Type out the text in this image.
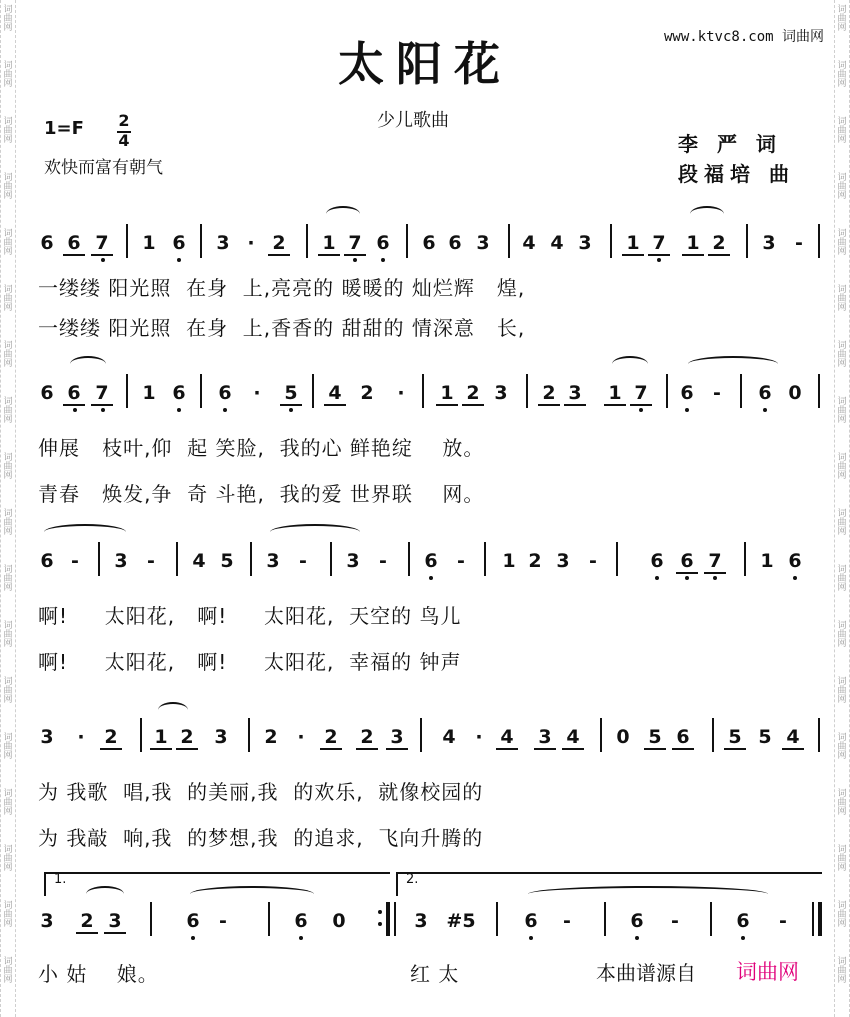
词曲网
词曲网
词曲网
词曲网
词曲网
词曲网
词曲网
词曲网
词曲网
词曲网
词曲网
词曲网
词曲网
词曲网
词曲网
词曲网
词曲网
词曲网
词曲网
词曲网
词曲网
词曲网
词曲网
词曲网
词曲网
词曲网
词曲网
词曲网
词曲网
词曲网
词曲网
词曲网
词曲网
词曲网
词曲网
词曲网
太阳花	www.ktvc8.com 词曲网
少儿歌曲
1=F 2
4
欢快而富有朝气
李 严 词
段福培 曲
6 6 7 1 6 3 · 2 1 7 6 6 6 3 4 4 3 1 7 1 2 3	-
一缕缕 阳光照  在身  上,亮亮的 暖暖的 灿烂辉   煌,
一缕缕 阳光照  在身  上,香香的 甜甜的 情深意   长,
6 6 7 1 6 6	·	5 4 2	·	1 2 3 2 3 1 7 6	-	6 0
伸展   枝叶,仰  起 笑脸,  我的心 鲜艳绽    放。
青春   焕发,争  奇 斗艳,  我的爱 世界联    网。
6 -	3	-	4 5 3	-	3	-	6	-	1 2 3	-	6 6 7 1 6
啊!     太阳花,   啊!     太阳花,  天空的 鸟儿
啊!     太阳花,   啊!     太阳花,  幸福的 钟声
3	·	2 1 2 3 2	·	2 2 3 4	· 4 3 4 0 5 6 5 5 4
为 我歌  唱,我  的美丽,我  的欢乐,  就像校园的
为 我敲  响,我  的梦想,我  的追求,  飞向升腾的
1.	2.
3 2 3	6	-	6 0	3 #5	6	-	6	-	6	-
小 姑    娘。	红 太	本曲谱源自 词曲网
